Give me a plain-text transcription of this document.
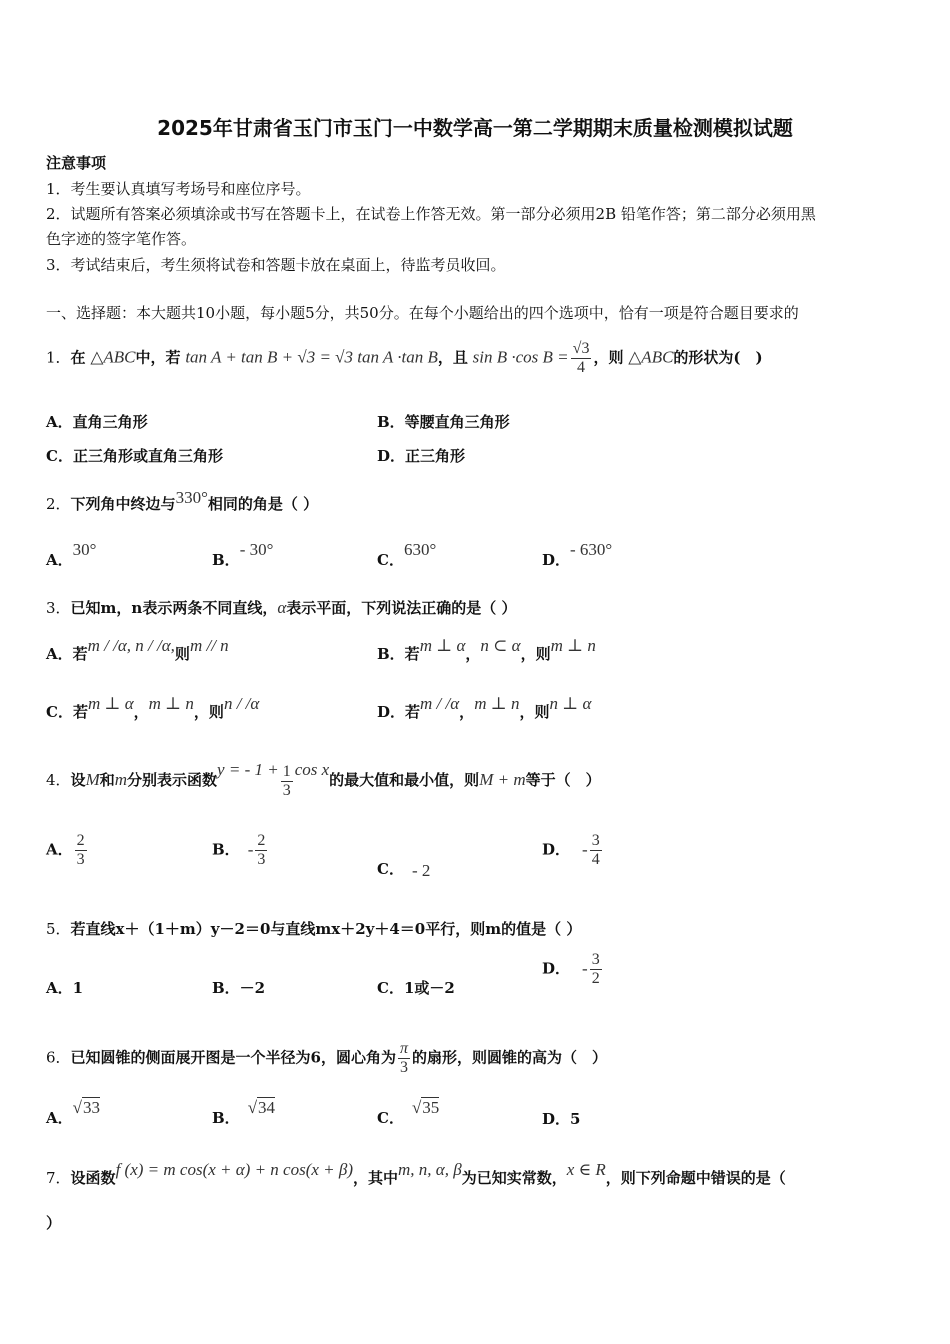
2025年甘肃省玉门市玉门一中数学高一第二学期期末质量检测模拟试题
注意事项
1．考生要认真填写考场号和座位序号。
2．试题所有答案必须填涂或书写在答题卡上，在试卷上作答无效。第一部分必须用2B 铅笔作答；第二部分必须用黑
色字迹的签字笔作答。
3．考试结束后，考生须将试卷和答题卡放在桌面上，待监考员收回。
一、选择题：本大题共10小题，每小题5分，共50分。在每个小题给出的四个选项中，恰有一项是符合题目要求的
1．在 △ABC中，若 tan A + tan B + √3 = √3 tan A ·tan B，且 sin B ·cos $B = \frac{√3}{4}$ ，则 △ABC的形状为(　)
A．直角三角形	B．等腰直角三角形
C．正三角形或直角三角形	D．正三角形
2．下列角中终边与330°相同的角是（ ）
A．30°
B．- 30°
C．630°
D．- 630°
3．已知m，n表示两条不同直线，α表示平面，下列说法正确的是（ ）
A．若m / /α, n / /α,则m // n	B．若m ⊥ α，n ⊂ α，则m ⊥ n
C．若m ⊥ α，m ⊥ n，则n / /α	D．若m / /α，m ⊥ n，则n ⊥ α
4．设M和m分别表示函数y = - $1 + \frac{1}{3}$ cos x的最大值和最小值，则M + m等于（　）
A． $\frac{2}{3}$	B． - $\frac{2}{3}$	C． - 2
D． - $\frac{3}{4}$
5．若直线x＋（1＋m）y－2＝0与直线mx＋2y＋4＝0平行，则m的值是（ ）
A．1	B．－2	C．1或－2
D． - $\frac{3}{2}$
6．已知圆锥的侧面展开图是一个半径为6，圆心角为 $\frac{\pi}{3}$ 的扇形，则圆锥的高为（　）
A．√33
B．√34
C．√35
D．5
7．设函数f (x) = m cos(x + α) + n cos(x + β)，其中m, n, α, β为已知实常数，x ∈ R，则下列命题中错误的是（
）
